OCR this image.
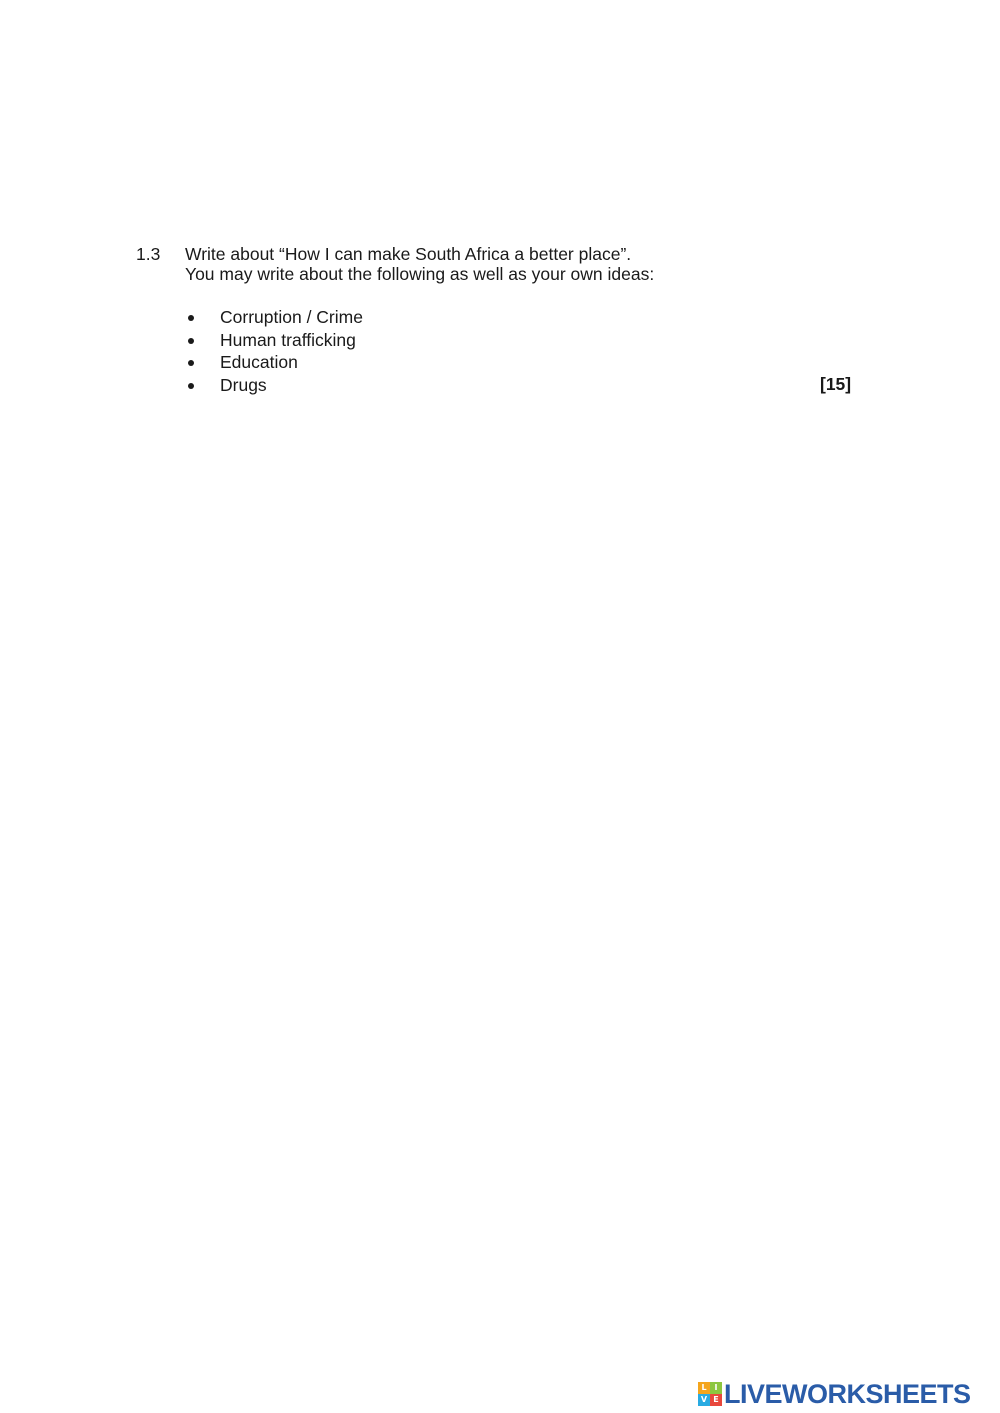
1.3 Write about “How I can make South Africa a better place”.
You may write about the following as well as your own ideas:
Corruption / Crime
Human trafficking
Education
Drugs	[15]
L I
V E LIVEWORKSHEETS
